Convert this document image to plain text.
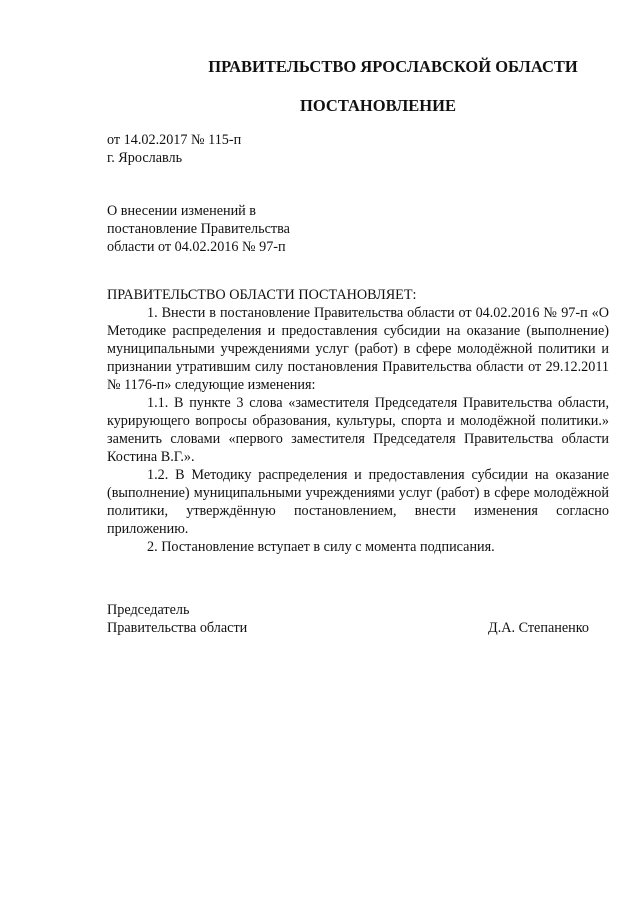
ПРАВИТЕЛЬСТВО ЯРОСЛАВСКОЙ ОБЛАСТИ
ПОСТАНОВЛЕНИЕ
от 14.02.2017 № 115-п
г. Ярославль
О внесении изменений в
постановление Правительства
области от 04.02.2016 № 97-п

ПРАВИТЕЛЬСТВО ОБЛАСТИ ПОСТАНОВЛЯЕТ:

1. Внести в постановление Правительства области от 04.02.2016 № 97-п «О Методике распределения и предоставления субсидии на оказание (выполнение) муниципальными учреждениями услуг (работ) в сфере молодёжной политики и признании утратившим силу постановления Правительства области от 29.12.2011 № 1176-п» следующие изменения:

1.1. В пункте 3 слова «заместителя Председателя Правительства области, курирующего вопросы образования, культуры, спорта и молодёжной политики.» заменить словами «первого заместителя Председателя Правительства области Костина В.Г.».

1.2. В Методику распределения и предоставления субсидии на оказание (выполнение) муниципальными учреждениями услуг (работ) в сфере молодёжной политики, утверждённую постановлением, внести изменения согласно приложению.

2. Постановление вступает в силу с момента подписания.

Председатель
Правительства области	Д.А. Степаненко
